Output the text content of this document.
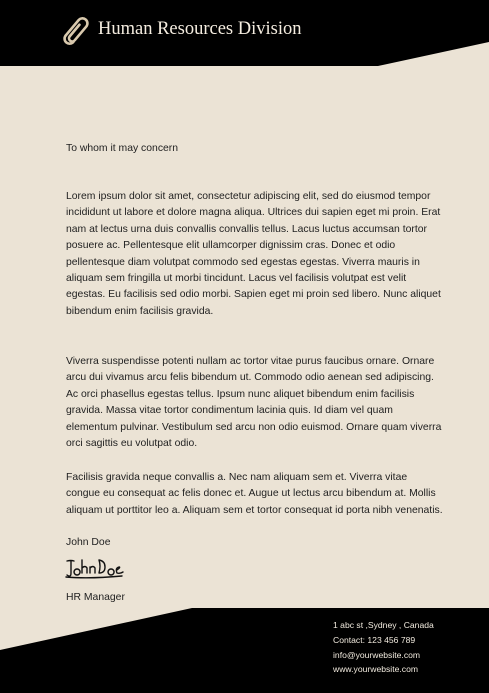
Human Resources Division
To whom it may concern

Lorem ipsum dolor sit amet, consectetur adipiscing elit, sed do eiusmod tempor incididunt ut labore et dolore magna aliqua. Ultrices dui sapien eget mi proin. Erat nam at lectus urna duis convallis convallis tellus. Lacus luctus accumsan tortor posuere ac. Pellentesque elit ullamcorper dignissim cras. Donec et odio pellentesque diam volutpat commodo sed egestas egestas. Viverra mauris in aliquam sem fringilla ut morbi tincidunt. Lacus vel facilisis volutpat est velit egestas. Eu facilisis sed odio morbi. Sapien eget mi proin sed libero. Nunc aliquet bibendum enim facilisis gravida.

Viverra suspendisse potenti nullam ac tortor vitae purus faucibus ornare. Ornare arcu dui vivamus arcu felis bibendum ut. Commodo odio aenean sed adipiscing. Ac orci phasellus egestas tellus. Ipsum nunc aliquet bibendum enim facilisis gravida. Massa vitae tortor condimentum lacinia quis. Id diam vel quam elementum pulvinar. Vestibulum sed arcu non odio euismod. Ornare quam viverra orci sagittis eu volutpat odio.

Facilisis gravida neque convallis a. Nec nam aliquam sem et. Viverra vitae congue eu consequat ac felis donec et. Augue ut lectus arcu bibendum at. Mollis aliquam ut porttitor leo a. Aliquam sem et tortor consequat id porta nibh venenatis.

John Doe
HR Manager
1 abc st ,Sydney , Canada
Contact: 123 456 789
info@yourwebsite.com
www.yourwebsite.com
